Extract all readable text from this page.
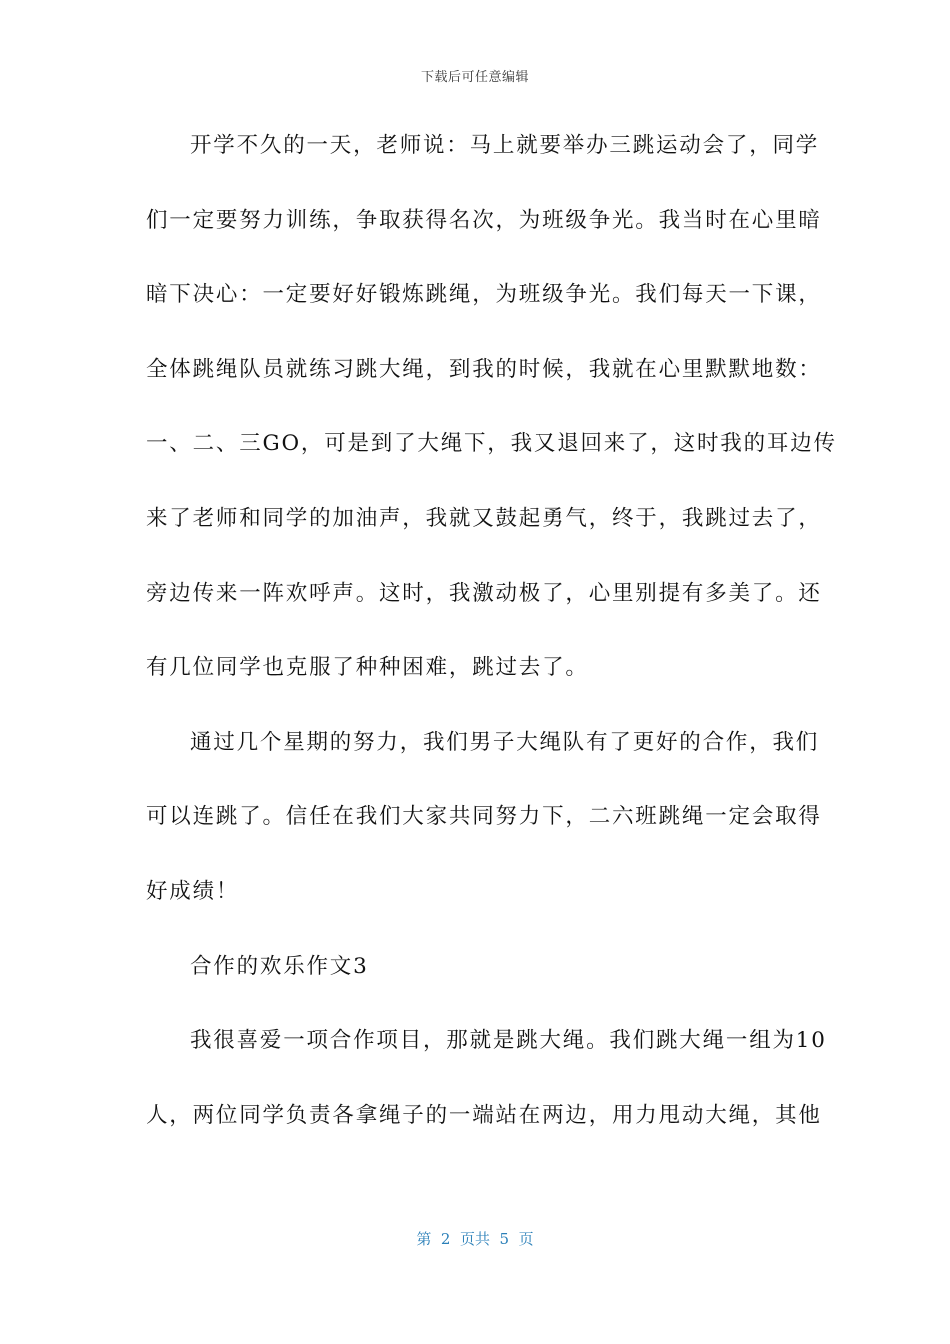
下载后可任意编辑
开学不久的一天，老师说：马上就要举办三跳运动会了，同学
们一定要努力训练，争取获得名次，为班级争光。我当时在心里暗
暗下决心：一定要好好锻炼跳绳，为班级争光。我们每天一下课，
全体跳绳队员就练习跳大绳，到我的时候，我就在心里默默地数：
一、二、三GO，可是到了大绳下，我又退回来了，这时我的耳边传
来了老师和同学的加油声，我就又鼓起勇气，终于，我跳过去了，
旁边传来一阵欢呼声。这时，我激动极了，心里别提有多美了。还
有几位同学也克服了种种困难，跳过去了。
通过几个星期的努力，我们男子大绳队有了更好的合作，我们
可以连跳了。信任在我们大家共同努力下，二六班跳绳一定会取得
好成绩！
合作的欢乐作文3
我很喜爱一项合作项目，那就是跳大绳。我们跳大绳一组为10
人，两位同学负责各拿绳子的一端站在两边，用力甩动大绳，其他
第  2  页共  5  页
